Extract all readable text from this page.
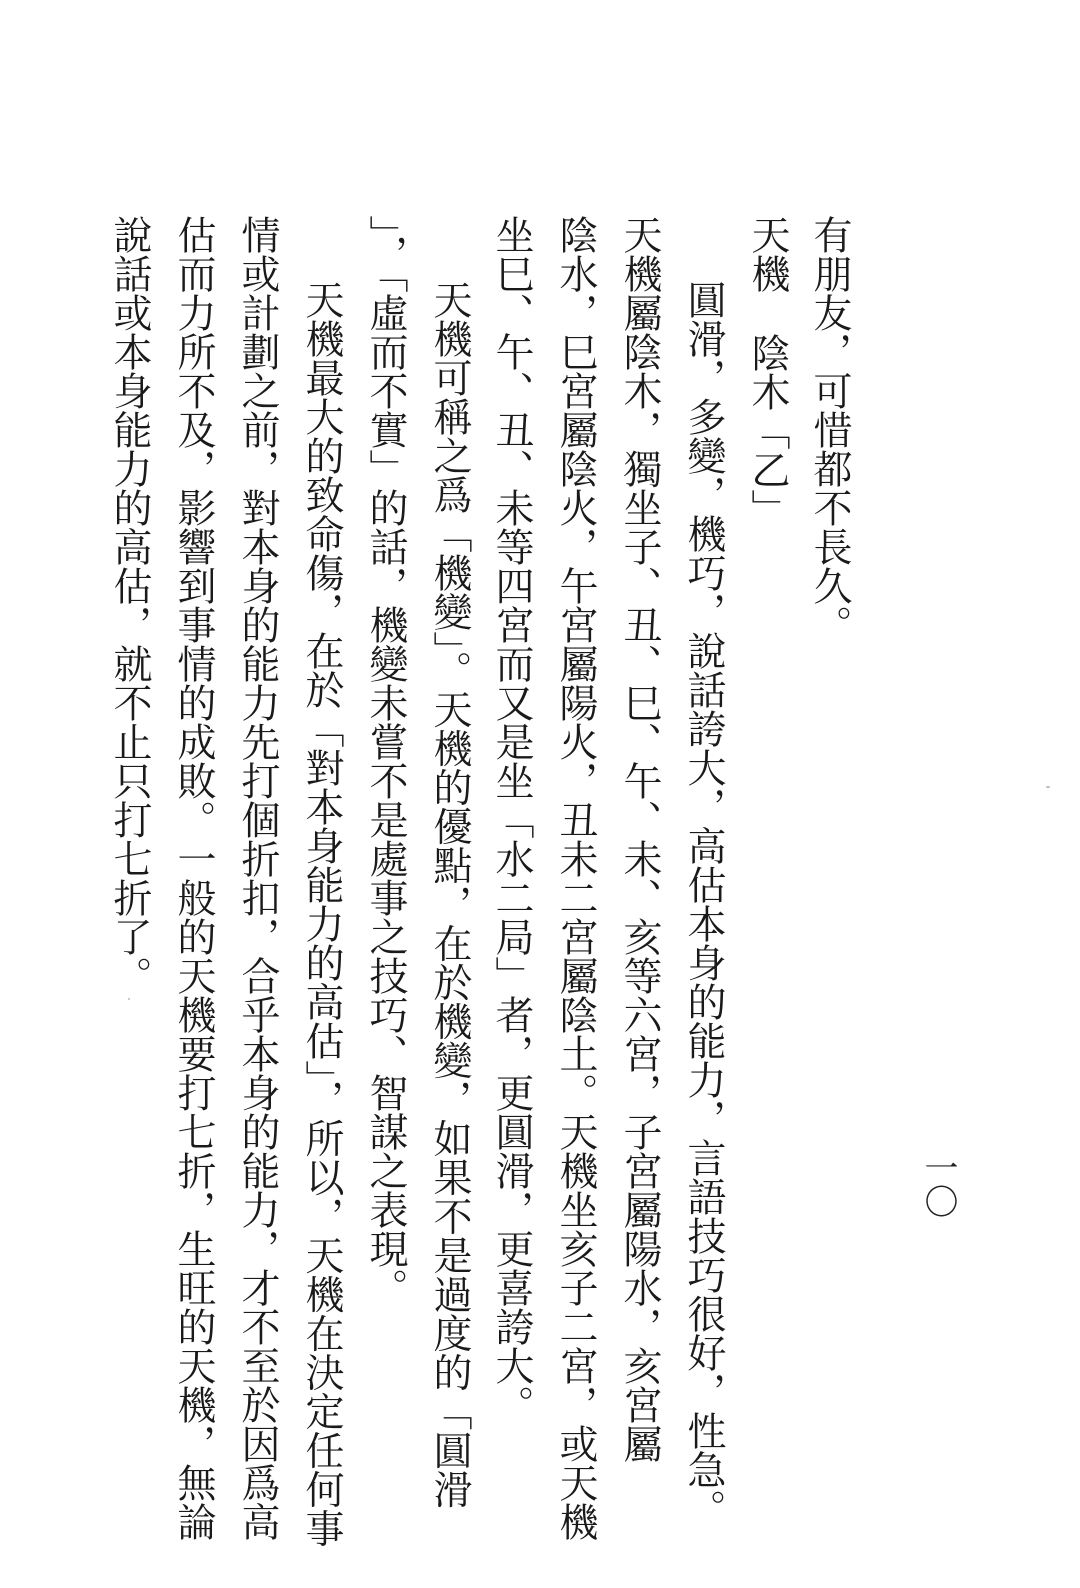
有朋友，可惜都不長久。
天機陰木「乙」
圓滑，多變，機巧，說話誇大，高估本身的能力，言語技巧很好，性急。
天機屬陰木，獨坐子、丑、巳、午、未、亥等六宮，子宮屬陽水，亥宮屬
陰水，巳宮屬陰火，午宮屬陽火，丑未二宮屬陰土。天機坐亥子二宮，或天機
坐巳、午、丑、未等四宮而又是坐「水二局」者，更圓滑，更喜誇大。
天機可稱之爲「機變」。天機的優點，在於機變，如果不是過度的「圓滑
」，「虛而不實」的話，機變未嘗不是處事之技巧、智謀之表現。
天機最大的致命傷，在於「對本身能力的高估」，所以，天機在決定任何事
情或計劃之前，對本身的能力先打個折扣，合乎本身的能力，才不至於因爲高
估而力所不及，影響到事情的成敗。一般的天機要打七折，生旺的天機，無論
說話或本身能力的高估，就不止只打七折了。
一〇
